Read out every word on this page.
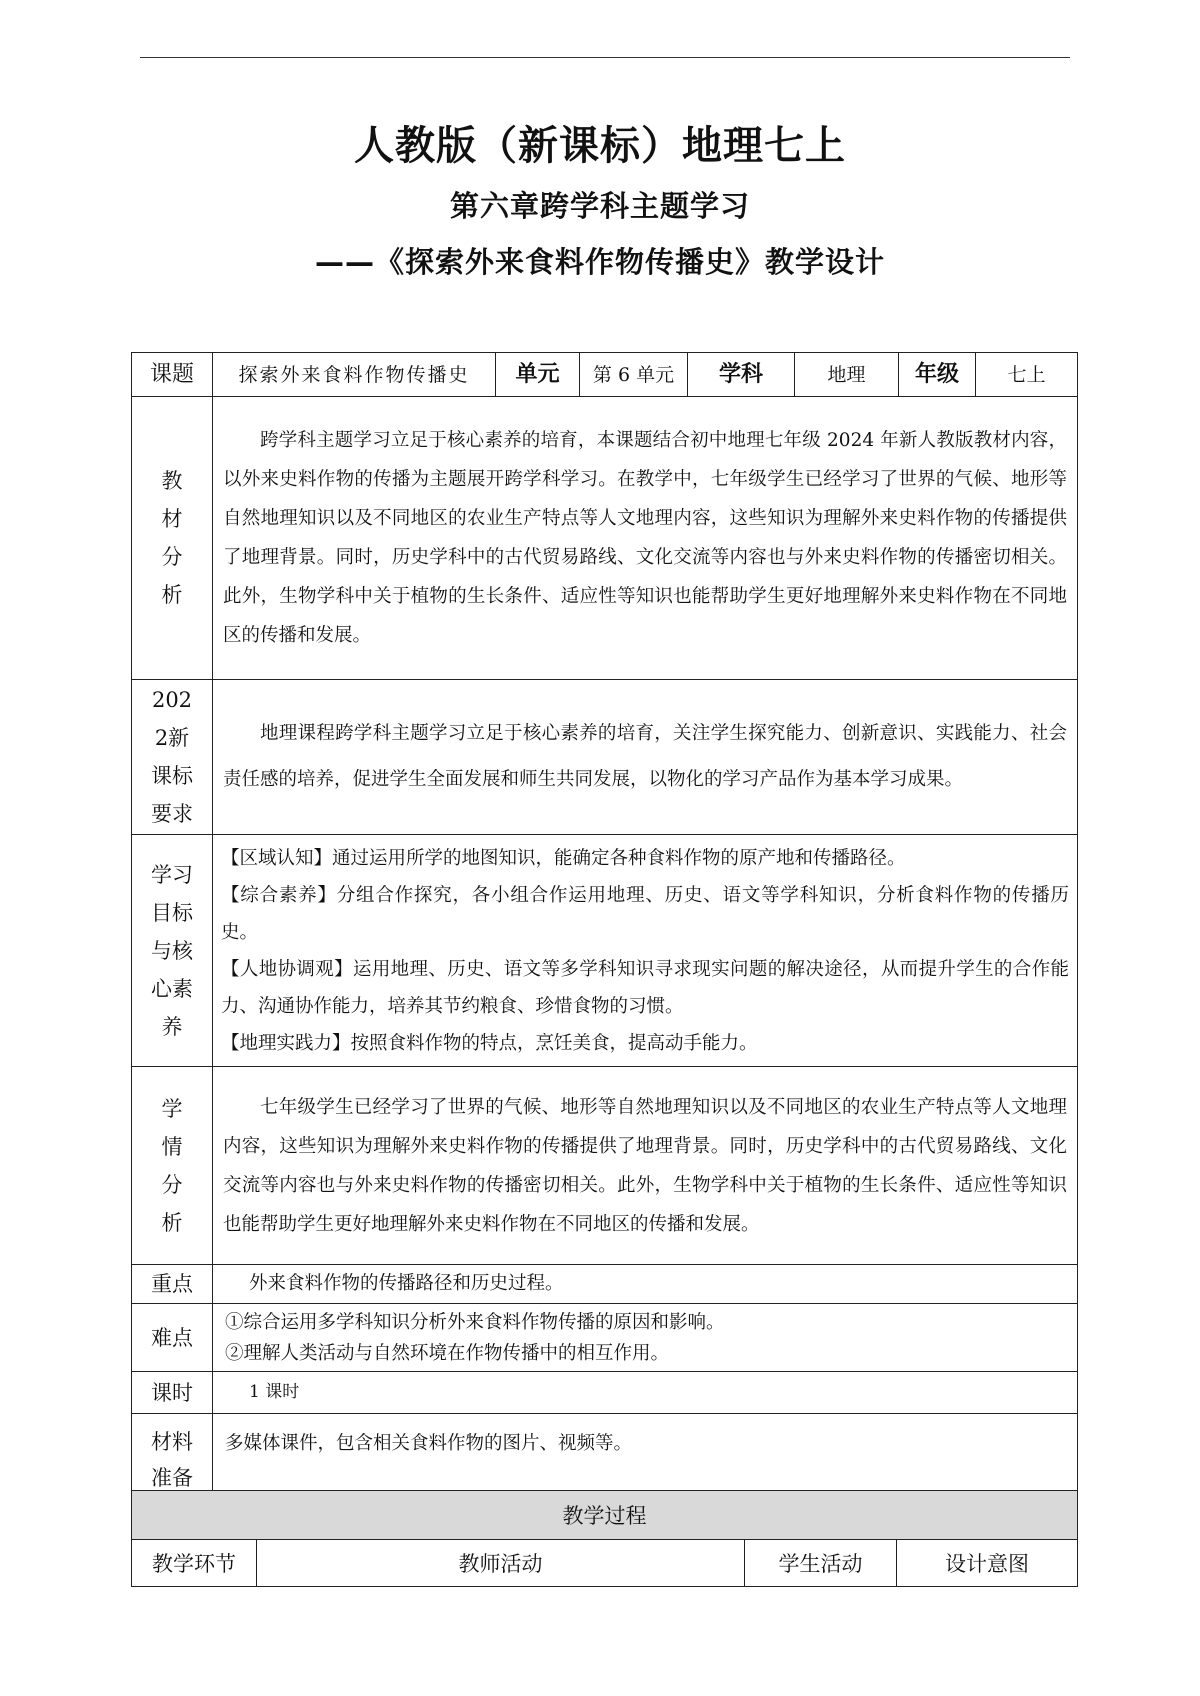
人教版（新课标）地理七上
第六章跨学科主题学习
——《探索外来食料作物传播史》教学设计
课题	探索外来食料作物传播史	单元	第 6 单元	学科	地理	年级	七上

教材分析	跨学科主题学习立足于核心素养的培育，本课题结合初中地理七年级 2024 年新人教版教材内容，以外来史料作物的传播为主题展开跨学科学习。在教学中，七年级学生已经学习了世界的气候、地形等自然地理知识以及不同地区的农业生产特点等人文地理内容，这些知识为理解外来史料作物的传播提供了地理背景。同时，历史学科中的古代贸易路线、文化交流等内容也与外来史料作物的传播密切相关。此外，生物学科中关于植物的生长条件、适应性等知识也能帮助学生更好地理解外来史料作物在不同地区的传播和发展。						

2022新课标要求	地理课程跨学科主题学习立足于核心素养的培育，关注学生探究能力、创新意识、实践能力、社会责任感的培养，促进学生全面发展和师生共同发展，以物化的学习产品作为基本学习成果。						

学习目标与核心素养	【区域认知】通过运用所学的地图知识，能确定各种食料作物的原产地和传播路径。
【综合素养】分组合作探究，各小组合作运用地理、历史、语文等学科知识，分析食料作物的传播历史。
【人地协调观】运用地理、历史、语文等多学科知识寻求现实问题的解决途径，从而提升学生的合作能力、沟通协作能力，培养其节约粮食、珍惜食物的习惯。
【地理实践力】按照食料作物的特点，烹饪美食，提高动手能力。						

学情分析	七年级学生已经学习了世界的气候、地形等自然地理知识以及不同地区的农业生产特点等人文地理内容，这些知识为理解外来史料作物的传播提供了地理背景。同时，历史学科中的古代贸易路线、文化交流等内容也与外来史料作物的传播密切相关。此外，生物学科中关于植物的生长条件、适应性等知识也能帮助学生更好地理解外来史料作物在不同地区的传播和发展。						
重点	外来食料作物的传播路径和历史过程。						
难点	①综合运用多学科知识分析外来食料作物传播的原因和影响。
②理解人类活动与自然环境在作物传播中的相互作用。						

课时	1 课时						

材料准备	多媒体课件，包含相关食料作物的图片、视频等。						
教学过程
教学环节	教师活动	学生活动	设计意图
